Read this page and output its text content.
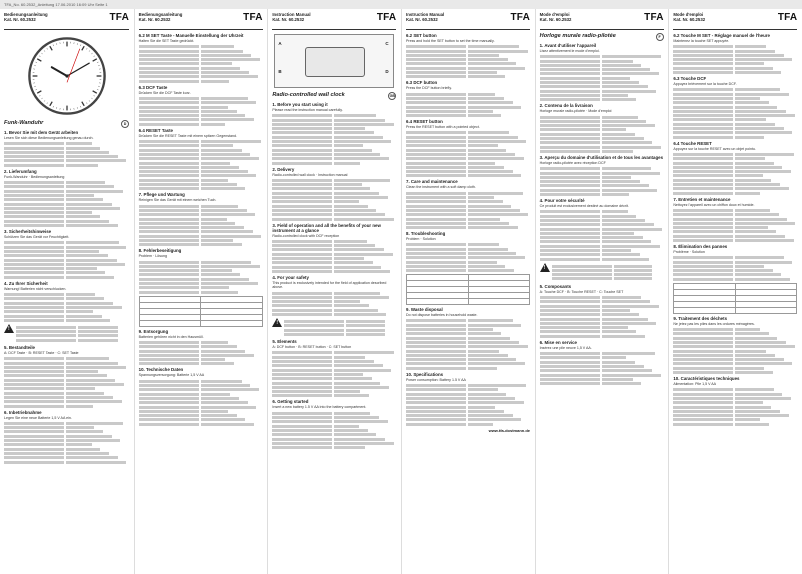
TFA_No. 60.2532_Anleitung 17.06.2010 16:09 Uhr Seite 1
Bedienungsanleitung
Kat. Nr. 60.2532	TFA
Funk-Wanduhr	D
1. Bevor Sie mit dem Gerät arbeiten

Lesen Sie sich diese Bedienungsanleitung genau durch.

2. Lieferumfang

Funk-Wanduhr · Bedienungsanleitung

3. Sicherheitshinweise

Schützen Sie das Gerät vor Feuchtigkeit.

4. Zu Ihrer Sicherheit

Warnung! Batterien nicht verschlucken.

!
5. Bestandteile

A: DCF Taste · B: RESET Taste · C: SET Taste

6. Inbetriebnahme

Legen Sie eine neue Batterie 1,5 V AA ein.

Bedienungsanleitung
Kat. Nr. 60.2532	TFA
6.2 M SET Taste - Manuelle Einstellung der Uhrzeit

Halten Sie die SET Taste gedrückt.

6.3 DCF Taste

Drücken Sie die DCF Taste kurz.

6.4 RESET Taste

Drücken Sie die RESET Taste mit einem spitzen Gegenstand.

7. Pflege und Wartung

Reinigen Sie das Gerät mit einem weichen Tuch.

8. Fehlerbeseitigung

Problem · Lösung

9. Entsorgung

Batterien gehören nicht in den Hausmüll.

10. Technische Daten

Spannungsversorgung: Batterie 1,5 V AA

Instruction Manual
Kat. Nr. 60.2532	TFA
A
B
C
D
Radio-controlled wall clock	GB
1. Before you start using it

Please read the instruction manual carefully.

2. Delivery

Radio-controlled wall clock · Instruction manual

3. Field of operation and all the benefits of your new instrument at a glance

Radio-controlled clock with DCF reception

4. For your safety

This product is exclusively intended for the field of application described above.

!
5. Elements

A: DCF button · B: RESET button · C: SET button

6. Getting started

Insert a new battery 1.5 V AA into the battery compartment.

Instruction Manual
Kat. Nr. 60.2532	TFA
6.2 SET button

Press and hold the SET button to set the time manually.

6.3 DCF button

Press the DCF button briefly.

6.4 RESET button

Press the RESET button with a pointed object.

7. Care and maintenance

Clean the instrument with a soft damp cloth.

8. Troubleshooting

Problem · Solution

9. Waste disposal

Do not dispose batteries in household waste.

10. Specifications

Power consumption: Battery 1.5 V AA

www.tfa-dostmann.de
Mode d'emploi
Kat. Nr. 60.2532	TFA
Horloge murale radio-pilotée	F
1. Avant d'utiliser l'appareil

Lisez attentivement le mode d'emploi.

2. Contenu de la livraison

Horloge murale radio-pilotée · Mode d'emploi

3. Aperçu du domaine d'utilisation et de tous les avantages

Horloge radio-pilotée avec réception DCF

4. Pour votre sécurité

Ce produit est exclusivement destiné au domaine décrit.

!
5. Composants

A: Touche DCF · B: Touche RESET · C: Touche SET

6. Mise en service

Insérez une pile neuve 1,5 V AA.

Mode d'emploi
Kat. Nr. 60.2532	TFA
6.2 Touche M SET - Réglage manuel de l'heure

Maintenez la touche SET appuyée.

6.3 Touche DCF

Appuyez brièvement sur la touche DCF.

6.4 Touche RESET

Appuyez sur la touche RESET avec un objet pointu.

7. Entretien et maintenance

Nettoyez l'appareil avec un chiffon doux et humide.

8. Élimination des pannes

Problème · Solution

9. Traitement des déchets

Ne jetez pas les piles dans les ordures ménagères.

10. Caractéristiques techniques

Alimentation: Pile 1,5 V AA
